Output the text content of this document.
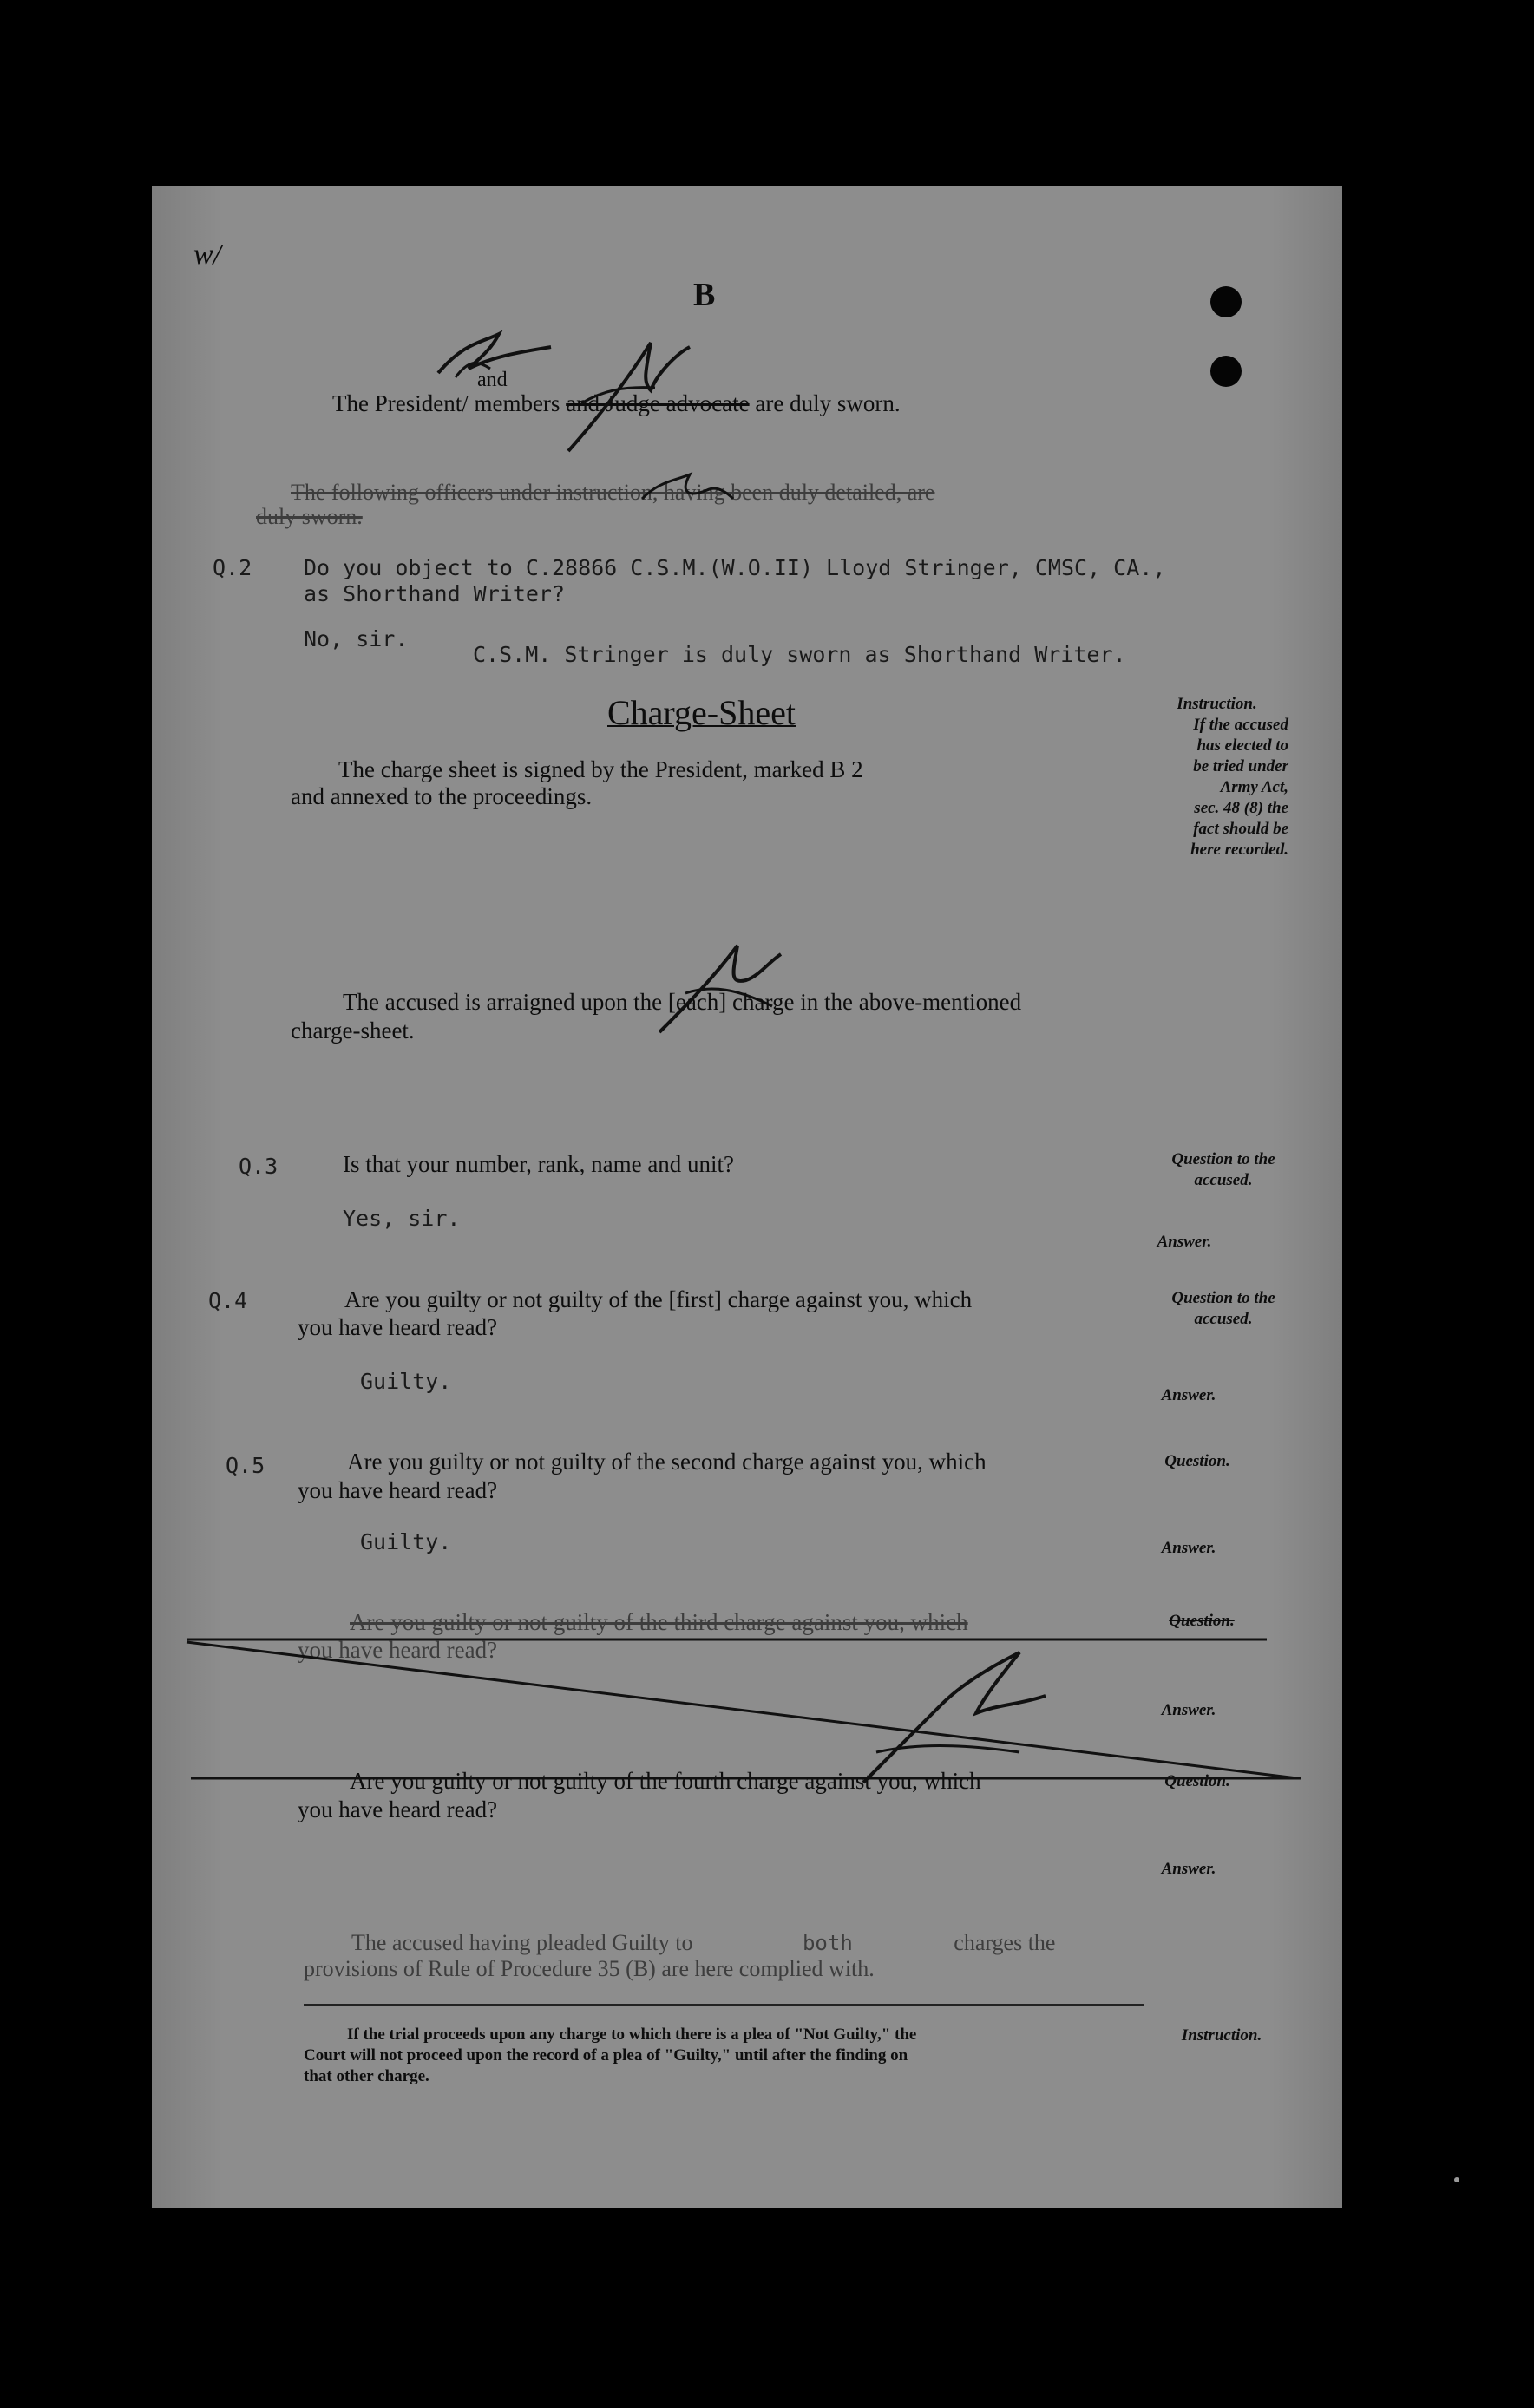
w/
B
and
The President/ members and Judge advocate are duly sworn.
The following officers under instruction, having been duly detailed, are
duly sworn.
Q.2 Do you object to C.28866 C.S.M.(W.O.II) Lloyd Stringer, CMSC, CA.,
as Shorthand Writer?
No, sir.
C.S.M. Stringer is duly sworn as Shorthand Writer.
Charge-Sheet
The charge sheet is signed by the President, marked B 2
and annexed to the proceedings.
Instruction.
If the accused
has elected to
be tried under
Army Act,
sec. 48 (8) the
fact should be
here recorded.
The accused is arraigned upon the [each] charge in the above-mentioned
charge-sheet.
Q.3	Is that your number, rank, name and unit?
Yes, sir.
Question to the accused.
Answer.
Q.4	Are you guilty or not guilty of the [first] charge against you, which
you have heard read?
Guilty.
Question to the accused.
Answer.
Q.5	Are you guilty or not guilty of the second charge against you, which
you have heard read?
Guilty.
Question.
Answer.
Are you guilty or not guilty of the third charge against you, which
you have heard read?
Question.
Answer.
Are you guilty or not guilty of the fourth charge against you, which
you have heard read?
Question.
Answer.
The accused having pleaded Guilty to	both	charges the
provisions of Rule of Procedure 35 (B) are here complied with.
If the trial proceeds upon any charge to which there is a plea of "Not Guilty," the
Court will not proceed upon the record of a plea of "Guilty," until after the finding on
that other charge.
Instruction.
